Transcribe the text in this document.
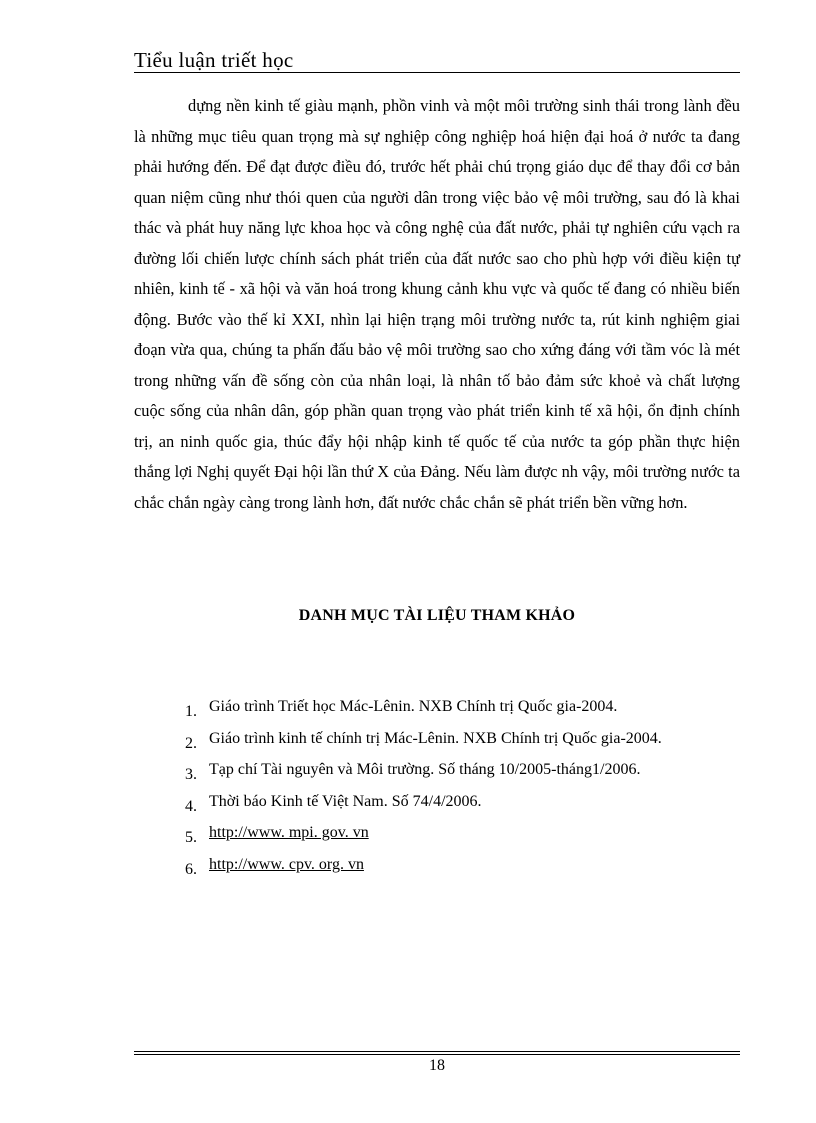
Tiểu luận triết học

dựng nền kinh tế giàu mạnh, phồn vinh và một môi trường sinh thái trong lành đều là những mục tiêu quan trọng mà sự nghiệp công nghiệp hoá hiện đại hoá ở nước ta đang phải hướng đến. Để đạt được điều đó, trước hết phải chú trọng giáo dục để thay đổi cơ bản quan niệm cũng như thói quen của người dân trong việc bảo vệ môi trường, sau đó là khai thác và phát huy năng lực khoa học và công nghệ của đất nước, phải tự nghiên cứu vạch ra đường lối chiến lược chính sách phát triển của đất nước sao cho phù hợp với điều kiện tự nhiên, kinh tế - xã hội và văn hoá trong khung cảnh khu vực và quốc tế đang có nhiều biến động. Bước vào thế kỉ XXI, nhìn lại hiện trạng môi trường nước ta, rút kinh nghiệm giai đoạn vừa qua, chúng ta phấn đấu bảo vệ môi trường sao cho xứng đáng với tầm vóc là mét trong những vấn đề sống còn của nhân loại, là nhân tố bảo đảm sức khoẻ và chất lượng cuộc sống của nhân dân, góp phần quan trọng vào phát triển kinh tế xã hội, ổn định chính trị, an ninh quốc gia, thúc đẩy hội nhập kinh tế quốc tế của nước ta góp phần thực hiện thắng lợi Nghị quyết Đại hội lần thứ X của Đảng. Nếu làm được nh vậy, môi trường nước ta chắc chắn ngày càng trong lành hơn, đất nước chắc chắn sẽ phát triển bền vững hơn.

DANH MỤC TÀI LIỆU THAM KHẢO
1. Giáo trình Triết học Mác-Lênin. NXB Chính trị Quốc gia-2004.
2. Giáo trình kinh tế chính trị Mác-Lênin. NXB Chính trị Quốc gia-2004.
3. Tạp chí Tài nguyên và Môi trường. Số tháng 10/2005-tháng1/2006.
4. Thời báo Kinh tế Việt Nam. Số 74/4/2006.
5. http://www. mpi. gov. vn
6. http://www. cpv. org. vn
18
